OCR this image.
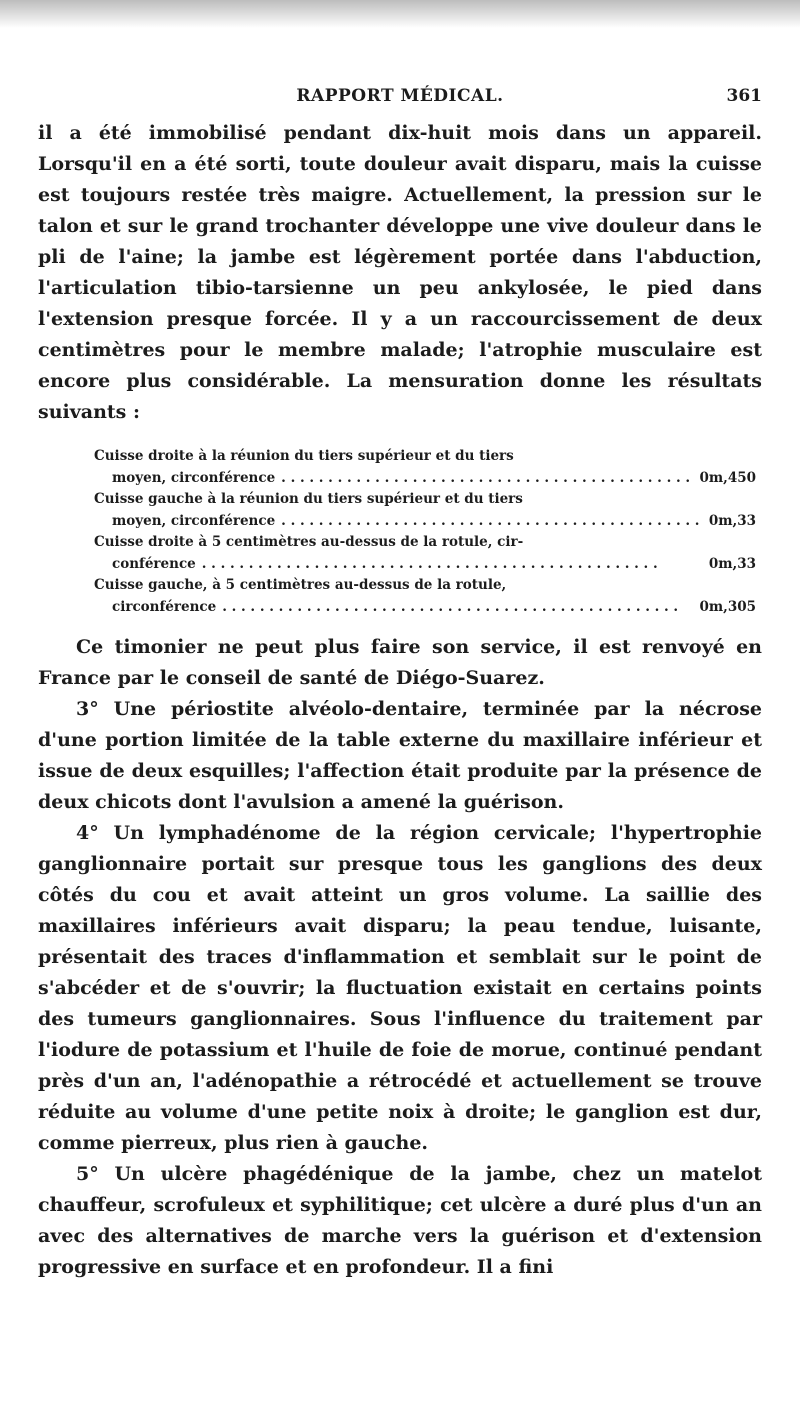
RAPPORT MÉDICAL.	361

il a été immobilisé pendant dix-huit mois dans un appareil. Lorsqu'il en a été sorti, toute douleur avait disparu, mais la cuisse est toujours restée très maigre. Actuellement, la pression sur le talon et sur le grand trochanter développe une vive douleur dans le pli de l'aine; la jambe est légèrement portée dans l'abduction, l'articulation tibio-tarsienne un peu ankylosée, le pied dans l'extension presque forcée. Il y a un raccourcissement de deux centimètres pour le membre malade; l'atrophie musculaire est encore plus considérable. La mensuration donne les résultats suivants :

Cuisse droite à la réunion du tiers supérieur et du tiers
moyen, circonférence . . .	0m,450
Cuisse gauche à la réunion du tiers supérieur et du tiers
moyen, circonférence . . .	0m,33
Cuisse droite à 5 centimètres au-dessus de la rotule, cir-
conférence . . .	0m,33
Cuisse gauche, à 5 centimètres au-dessus de la rotule,
circonférence . . .	0m,305

Ce timonier ne peut plus faire son service, il est renvoyé en France par le conseil de santé de Diégo-Suarez.

3° Une périostite alvéolo-dentaire, terminée par la nécrose d'une portion limitée de la table externe du maxillaire inférieur et issue de deux esquilles; l'affection était produite par la présence de deux chicots dont l'avulsion a amené la guérison.

4° Un lymphadénome de la région cervicale; l'hypertrophie ganglionnaire portait sur presque tous les ganglions des deux côtés du cou et avait atteint un gros volume. La saillie des maxillaires inférieurs avait disparu; la peau tendue, luisante, présentait des traces d'inflammation et semblait sur le point de s'abcéder et de s'ouvrir; la fluctuation existait en certains points des tumeurs ganglionnaires. Sous l'influence du traitement par l'iodure de potassium et l'huile de foie de morue, continué pendant près d'un an, l'adénopathie a rétrocédé et actuellement se trouve réduite au volume d'une petite noix à droite; le ganglion est dur, comme pierreux, plus rien à gauche.

5° Un ulcère phagédénique de la jambe, chez un matelot chauffeur, scrofuleux et syphilitique; cet ulcère a duré plus d'un an avec des alternatives de marche vers la guérison et d'extension progressive en surface et en profondeur. Il a fini
